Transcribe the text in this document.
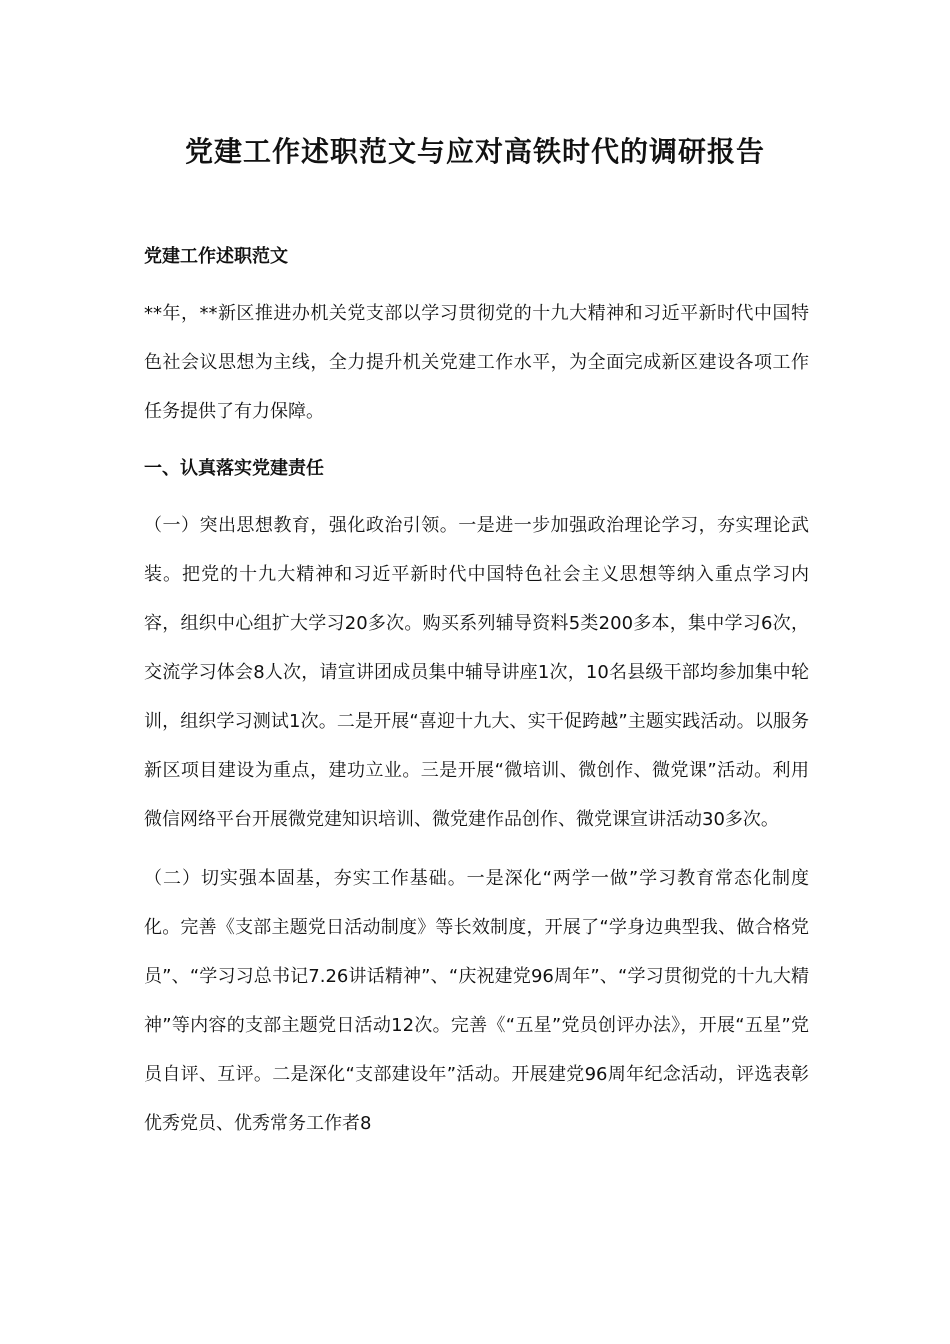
党建工作述职范文与应对高铁时代的调研报告

党建工作述职范文

**年，**新区推进办机关党支部以学习贯彻党的十九大精神和习近平新时代中国特色社会议思想为主线，全力提升机关党建工作水平，为全面完成新区建设各项工作任务提供了有力保障。

一、认真落实党建责任

（一）突出思想教育，强化政治引领。一是进一步加强政治理论学习，夯实理论武装。把党的十九大精神和习近平新时代中国特色社会主义思想等纳入重点学习内容，组织中心组扩大学习20多次。购买系列辅导资料5类200多本，集中学习6次，交流学习体会8人次，请宣讲团成员集中辅导讲座1次，10名县级干部均参加集中轮训，组织学习测试1次。二是开展“喜迎十九大、实干促跨越”主题实践活动。以服务新区项目建设为重点，建功立业。三是开展“微培训、微创作、微党课”活动。利用微信网络平台开展微党建知识培训、微党建作品创作、微党课宣讲活动30多次。

（二）切实强本固基，夯实工作基础。一是深化“两学一做”学习教育常态化制度化。完善《支部主题党日活动制度》等长效制度，开展了“学身边典型我、做合格党员”、“学习习总书记7.26讲话精神”、“庆祝建党96周年”、“学习贯彻党的十九大精神”等内容的支部主题党日活动12次。完善《“五星”党员创评办法》，开展“五星”党员自评、互评。二是深化“支部建设年”活动。开展建党96周年纪念活动，评选表彰优秀党员、优秀常务工作者8
